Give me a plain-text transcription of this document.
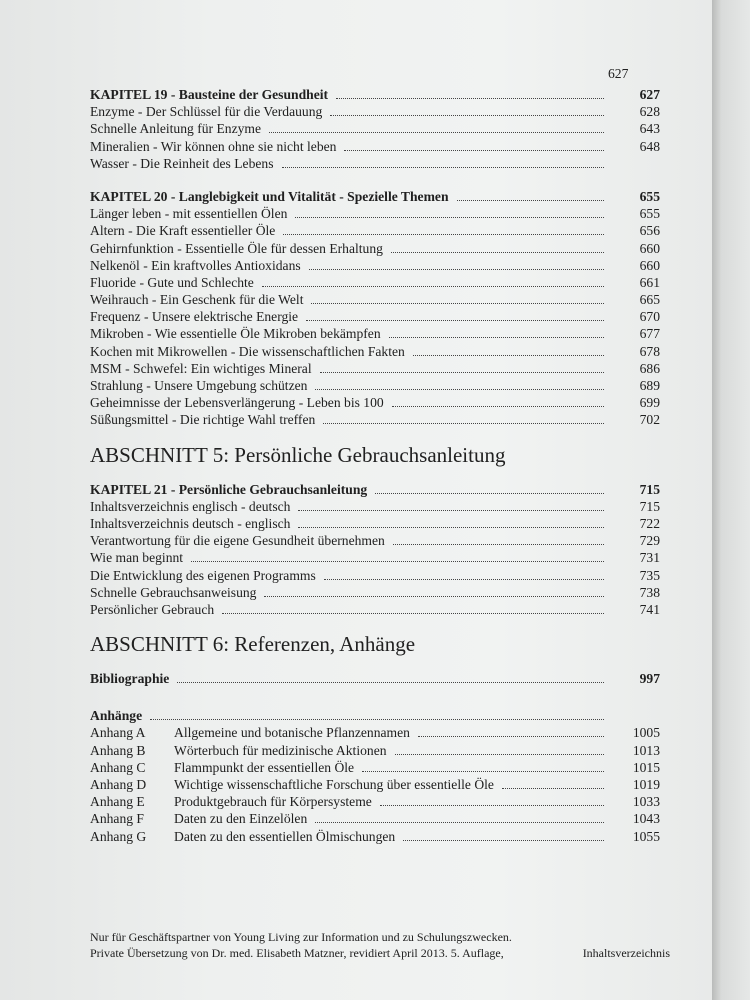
627
KAPITEL 19 - Bausteine der Gesundheit	627
Enzyme - Der Schlüssel für die Verdauung	628
Schnelle Anleitung für Enzyme	643
Mineralien - Wir können ohne sie nicht leben	648
Wasser - Die Reinheit des Lebens
KAPITEL 20 - Langlebigkeit und Vitalität - Spezielle Themen	655
Länger leben - mit essentiellen Ölen	655
Altern - Die Kraft essentieller Öle	656
Gehirnfunktion - Essentielle Öle für dessen Erhaltung	660
Nelkenöl - Ein kraftvolles Antioxidans	660
Fluoride - Gute und Schlechte	661
Weihrauch - Ein Geschenk für die Welt	665
Frequenz - Unsere elektrische Energie	670
Mikroben - Wie essentielle Öle Mikroben bekämpfen	677
Kochen mit Mikrowellen - Die wissenschaftlichen Fakten	678
MSM - Schwefel: Ein wichtiges Mineral	686
Strahlung - Unsere Umgebung schützen	689
Geheimnisse der Lebensverlängerung - Leben bis 100	699
Süßungsmittel - Die richtige Wahl treffen	702
ABSCHNITT 5: Persönliche Gebrauchsanleitung
KAPITEL 21 - Persönliche Gebrauchsanleitung	715
Inhaltsverzeichnis englisch - deutsch	715
Inhaltsverzeichnis deutsch - englisch	722
Verantwortung für die eigene Gesundheit übernehmen	729
Wie man beginnt	731
Die Entwicklung des eigenen Programms	735
Schnelle Gebrauchsanweisung	738
Persönlicher Gebrauch	741
ABSCHNITT 6: Referenzen, Anhänge
Bibliographie	997
Anhänge
Anhang A	Allgemeine und botanische Pflanzennamen	1005
Anhang B	Wörterbuch für medizinische Aktionen	1013
Anhang C	Flammpunkt der essentiellen Öle	1015
Anhang D	Wichtige wissenschaftliche Forschung über essentielle Öle	1019
Anhang E	Produktgebrauch für Körpersysteme	1033
Anhang F	Daten zu den Einzelölen	1043
Anhang G	Daten zu den essentiellen Ölmischungen	1055
Nur für Geschäftspartner von Young Living zur Information und zu Schulungszwecken.
Private Übersetzung von Dr. med. Elisabeth Matzner, revidiert April 2013. 5. Auflage,	Inhaltsverzeichnis
